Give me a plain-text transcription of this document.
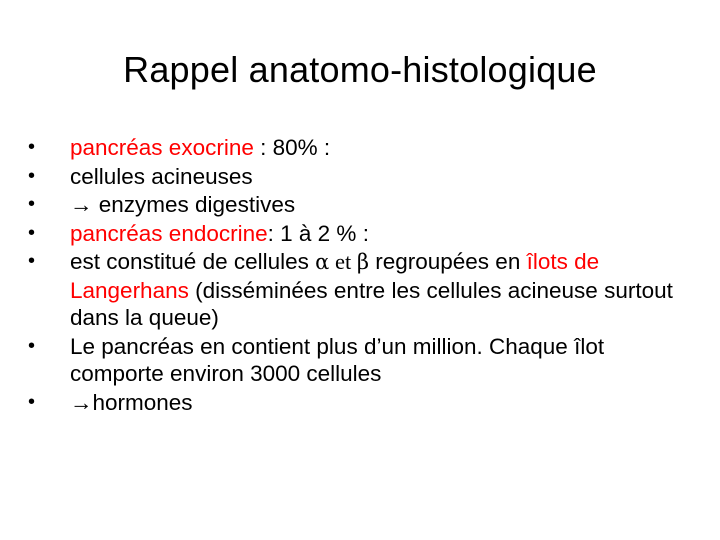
Rappel anatomo-histologique
•	pancréas exocrine : 80% :
•	cellules acineuses
•	→ enzymes digestives
•	pancréas endocrine: 1 à 2 % :
•	est constitué de cellules α et β regroupées en îlots de Langerhans (disséminées entre les cellules acineuse surtout dans la queue)
•	Le pancréas en contient plus d’un million. Chaque îlot comporte environ 3000 cellules
•	→hormones
